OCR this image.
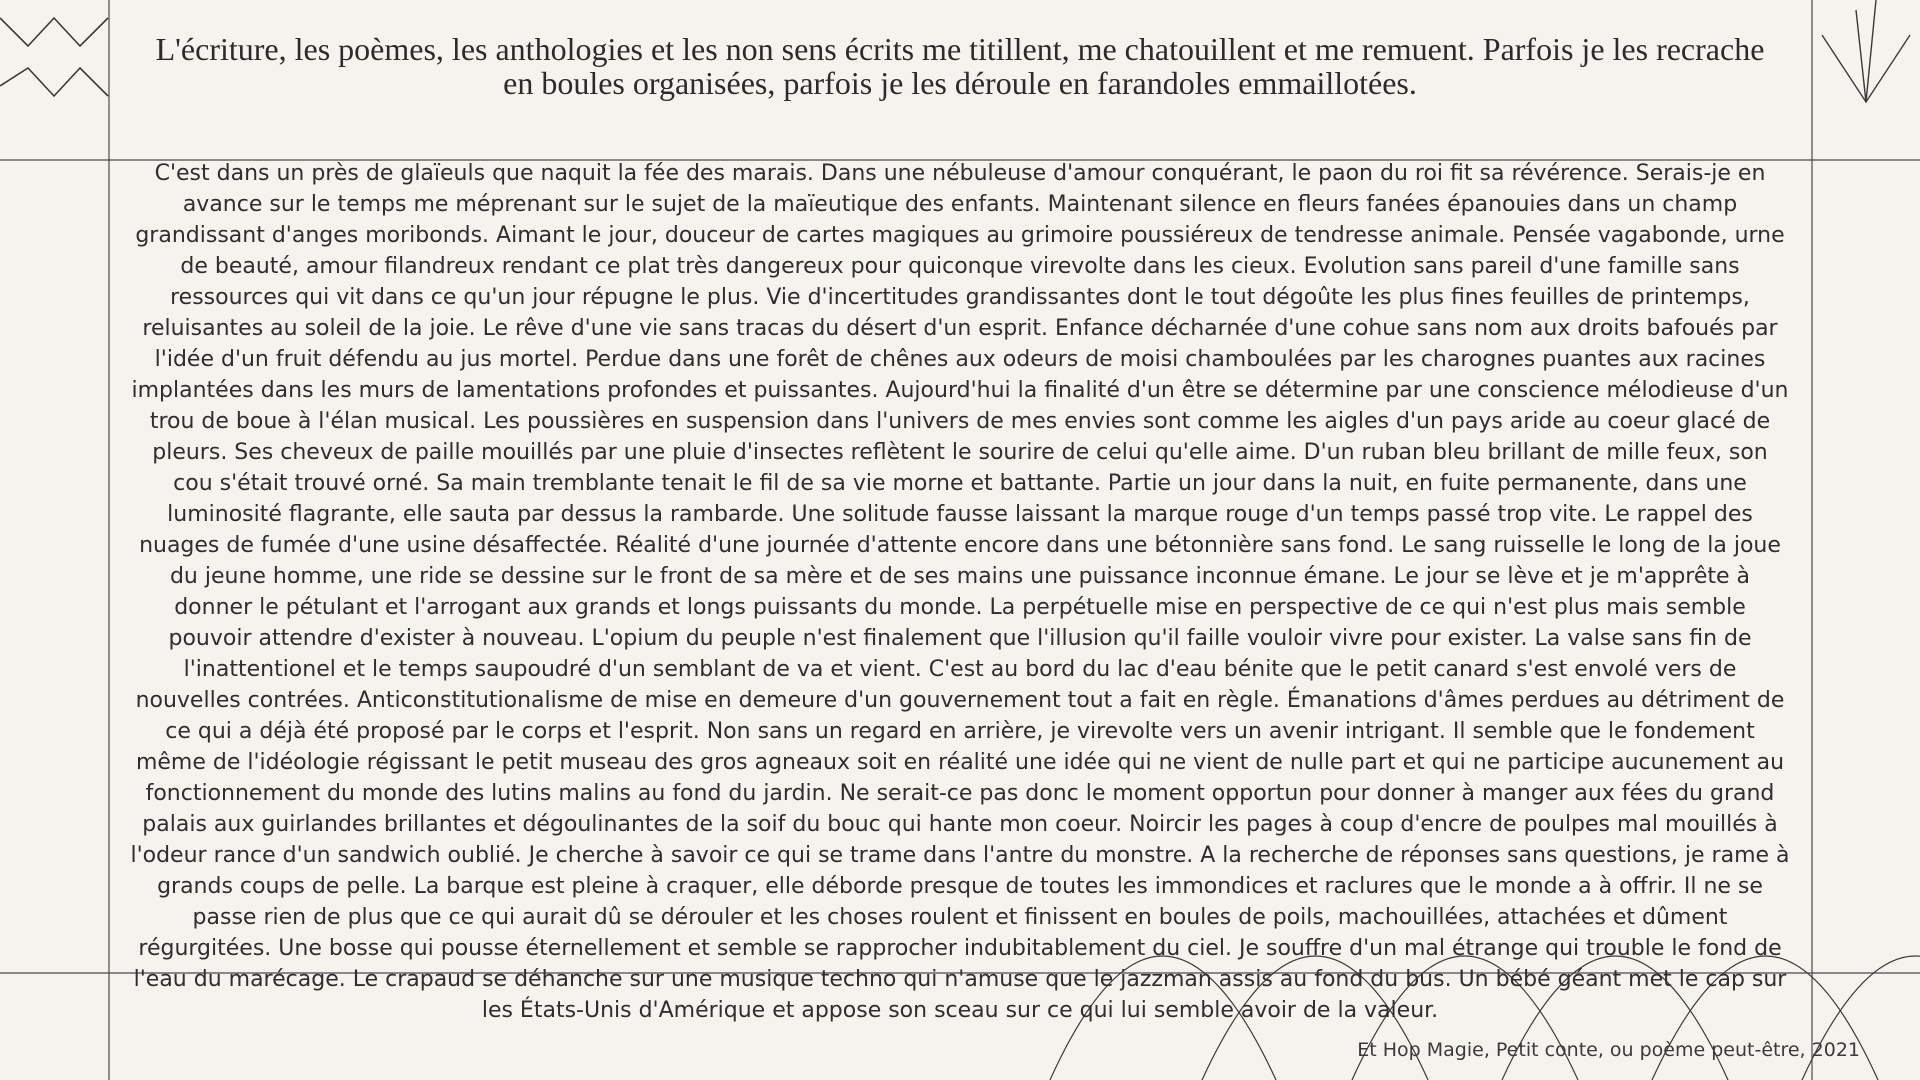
L'écriture, les poèmes, les anthologies et les non sens écrits me titillent, me chatouillent et me remuent. Parfois je les recrache en boules organisées, parfois je les déroule en farandoles emmaillotées.

C'est dans un près de glaïeuls que naquit la fée des marais. Dans une nébuleuse d'amour conquérant, le paon du roi fit sa révérence. Serais-je en avance sur le temps me méprenant sur le sujet de la maïeutique des enfants. Maintenant silence en fleurs fanées épanouies dans un champ grandissant d'anges moribonds. Aimant le jour, douceur de cartes magiques au grimoire poussiéreux de tendresse animale. Pensée vagabonde, urne de beauté, amour filandreux rendant ce plat très dangereux pour quiconque virevolte dans les cieux. Evolution sans pareil d'une famille sans ressources qui vit dans ce qu'un jour répugne le plus. Vie d'incertitudes grandissantes dont le tout dégoûte les plus fines feuilles de printemps, reluisantes au soleil de la joie. Le rêve d'une vie sans tracas du désert d'un esprit. Enfance décharnée d'une cohue sans nom aux droits bafoués par l'idée d'un fruit défendu au jus mortel. Perdue dans une forêt de chênes aux odeurs de moisi chamboulées par les charognes puantes aux racines implantées dans les murs de lamentations profondes et puissantes. Aujourd'hui la finalité d'un être se détermine par une conscience mélodieuse d'un trou de boue à l'élan musical. Les poussières en suspension dans l'univers de mes envies sont comme les aigles d'un pays aride au coeur glacé de pleurs. Ses cheveux de paille mouillés par une pluie d'insectes reflètent le sourire de celui qu'elle aime. D'un ruban bleu brillant de mille feux, son cou s'était trouvé orné. Sa main tremblante tenait le fil de sa vie morne et battante. Partie un jour dans la nuit, en fuite permanente, dans une luminosité flagrante, elle sauta par dessus la rambarde. Une solitude fausse laissant la marque rouge d'un temps passé trop vite. Le rappel des nuages de fumée d'une usine désaffectée. Réalité d'une journée d'attente encore dans une bétonnière sans fond. Le sang ruisselle le long de la joue du jeune homme, une ride se dessine sur le front de sa mère et de ses mains une puissance inconnue émane. Le jour se lève et je m'apprête à donner le pétulant et l'arrogant aux grands et longs puissants du monde. La perpétuelle mise en perspective de ce qui n'est plus mais semble pouvoir attendre d'exister à nouveau. L'opium du peuple n'est finalement que l'illusion qu'il faille vouloir vivre pour exister. La valse sans fin de l'inattentionel et le temps saupoudré d'un semblant de va et vient. C'est au bord du lac d'eau bénite que le petit canard s'est envolé vers de nouvelles contrées. Anticonstitutionalisme de mise en demeure d'un gouvernement tout a fait en règle. Émanations d'âmes perdues au détriment de ce qui a déjà été proposé par le corps et l'esprit. Non sans un regard en arrière, je virevolte vers un avenir intrigant. Il semble que le fondement même de l'idéologie régissant le petit museau des gros agneaux soit en réalité une idée qui ne vient de nulle part et qui ne participe aucunement au fonctionnement du monde des lutins malins au fond du jardin. Ne serait-ce pas donc le moment opportun pour donner à manger aux fées du grand palais aux guirlandes brillantes et dégoulinantes de la soif du bouc qui hante mon coeur. Noircir les pages à coup d'encre de poulpes mal mouillés à l'odeur rance d'un sandwich oublié. Je cherche à savoir ce qui se trame dans l'antre du monstre. A la recherche de réponses sans questions, je rame à grands coups de pelle. La barque est pleine à craquer, elle déborde presque de toutes les immondices et raclures que le monde a à offrir. Il ne se passe rien de plus que ce qui aurait dû se dérouler et les choses roulent et finissent en boules de poils, machouillées, attachées et dûment régurgitées. Une bosse qui pousse éternellement et semble se rapprocher indubitablement du ciel. Je souffre d'un mal étrange qui trouble le fond de l'eau du marécage. Le crapaud se déhanche sur une musique techno qui n'amuse que le jazzman assis au fond du bus. Un bébé géant met le cap sur les États-Unis d'Amérique et appose son sceau sur ce qui lui semble avoir de la valeur.

Et Hop Magie, Petit conte, ou poème peut-être, 2021
